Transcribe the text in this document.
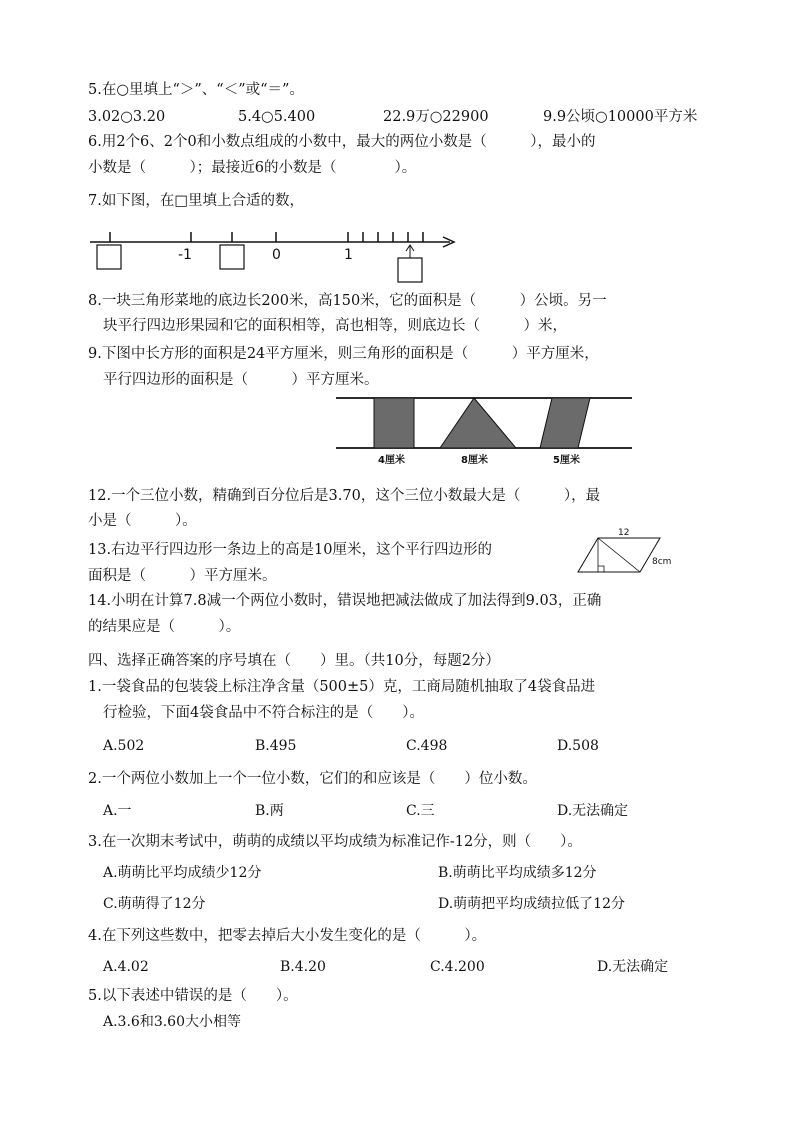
5.在○里填上“＞”、“＜”或“＝”。
3.02○3.20	5.4○5.400	22.9万○22900	9.9公顷○10000平方米
6.用2个6、2个0和小数点组成的小数中，最大的两位小数是（　　　），最小的
小数是（　　　）；最接近6的小数是（　　　　）。
7.如下图，在□里填上合适的数，
-1	0	1
8.一块三角形菜地的底边长200米，高150米，它的面积是（　　　）公顷。另一
块平行四边形果园和它的面积相等，高也相等，则底边长（　　　）米，
9.下图中长方形的面积是24平方厘米，则三角形的面积是（　　　）平方厘米，
平行四边形的面积是（　　　）平方厘米。
4厘米	8厘米	5厘米
12.一个三位小数，精确到百分位后是3.70，这个三位小数最大是（　　　），最
小是（　　　）。
13.右边平行四边形一条边上的高是10厘米，这个平行四边形的
面积是（　　　）平方厘米。
12
8cm
14.小明在计算7.8减一个两位小数时，错误地把减法做成了加法得到9.03，正确
的结果应是（　　　）。
四、选择正确答案的序号填在（　　）里。（共10分，每题2分）
1.一袋食品的包装袋上标注净含量（500±5）克，工商局随机抽取了4袋食品进
行检验，下面4袋食品中不符合标注的是（　　）。
A.502	B.495	C.498	D.508
2.一个两位小数加上一个一位小数，它们的和应该是（　　）位小数。
A.一	B.两	C.三	D.无法确定
3.在一次期末考试中，萌萌的成绩以平均成绩为标准记作-12分，则（　　）。
A.萌萌比平均成绩少12分	B.萌萌比平均成绩多12分
C.萌萌得了12分	D.萌萌把平均成绩拉低了12分
4.在下列这些数中，把零去掉后大小发生变化的是（　　　）。
A.4.02	B.4.20	C.4.200	D.无法确定
5.以下表述中错误的是（　　）。
A.3.6和3.60大小相等
